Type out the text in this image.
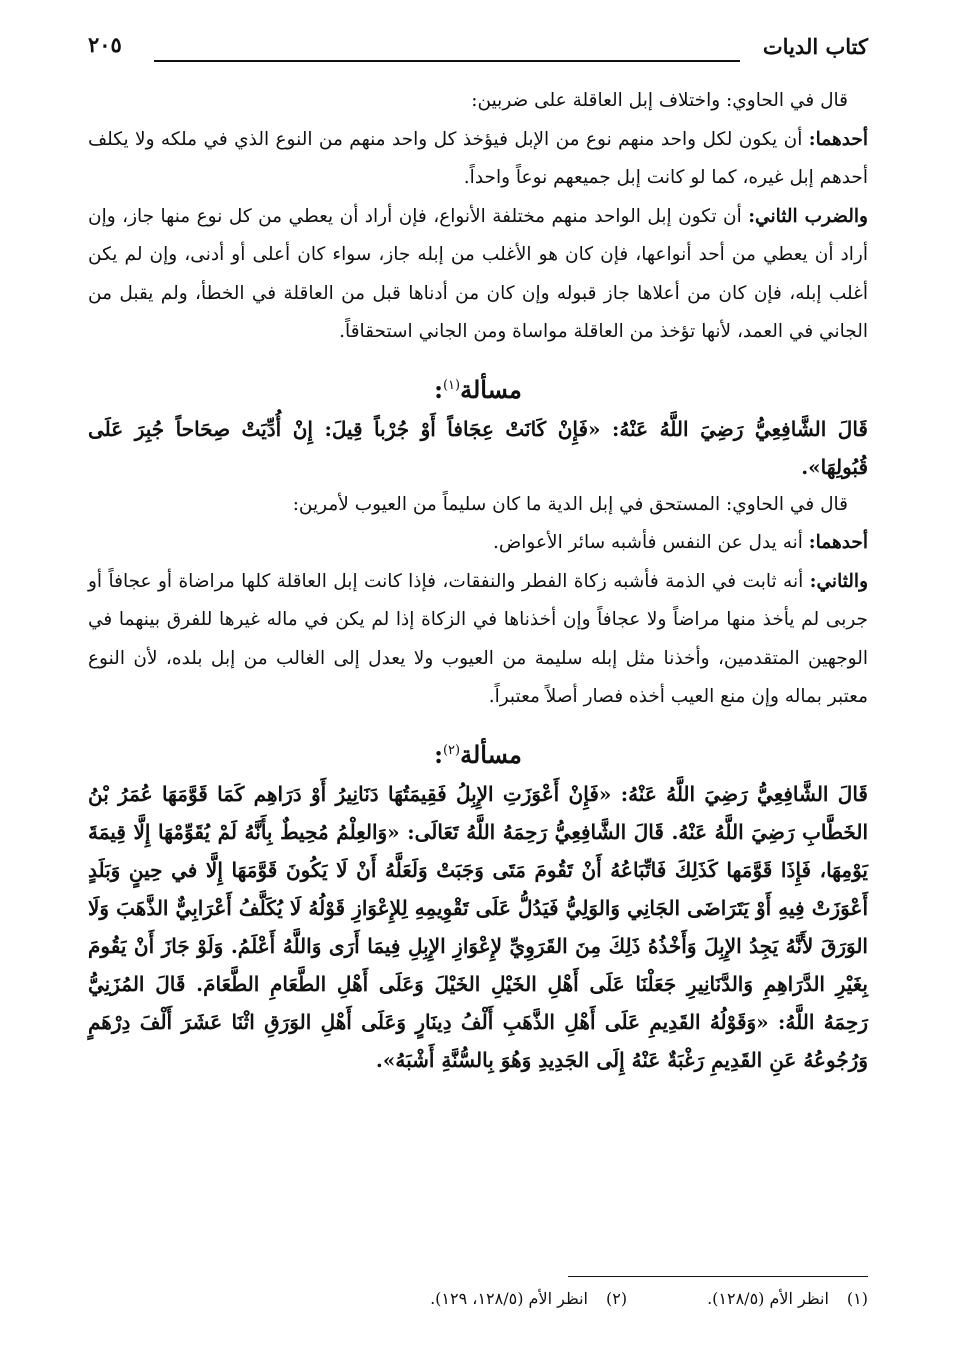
كتاب الديات
٢٠٥

قال في الحاوي: واختلاف إبل العاقلة على ضربين:

أحدهما: أن يكون لكل واحد منهم نوع من الإبل فيؤخذ كل واحد منهم من النوع الذي في ملكه ولا يكلف أحدهم إبل غيره، كما لو كانت إبل جميعهم نوعاً واحداً.

والضرب الثاني: أن تكون إبل الواحد منهم مختلفة الأنواع، فإن أراد أن يعطي من كل نوع منها جاز، وإن أراد أن يعطي من أحد أنواعها، فإن كان هو الأغلب من إبله جاز، سواء كان أعلى أو أدنى، وإن لم يكن أغلب إبله، فإن كان من أعلاها جاز قبوله وإن كان من أدناها قبل من العاقلة في الخطأ، ولم يقبل من الجاني في العمد، لأنها تؤخذ من العاقلة مواساة ومن الجاني استحقاقاً.

مسألة$^{(١)}$:

قَالَ الشَّافِعِيُّ رَضِيَ اللَّهُ عَنْهُ: «فَإِنْ كَانَتْ عِجَافاً أَوْ جُرْباً قِيلَ: إِنْ أُدِّيَتْ صِحَاحاً جُبِرَ عَلَى قُبُولِهَا».

قال في الحاوي: المستحق في إبل الدية ما كان سليماً من العيوب لأمرين:

أحدهما: أنه يدل عن النفس فأشبه سائر الأعواض.

والثاني: أنه ثابت في الذمة فأشبه زكاة الفطر والنفقات، فإذا كانت إبل العاقلة كلها مراضاة أو عجافاً أو جربى لم يأخذ منها مراضاً ولا عجافاً وإن أخذناها في الزكاة إذا لم يكن في ماله غيرها للفرق بينهما في الوجهين المتقدمين، وأخذنا مثل إبله سليمة من العيوب ولا يعدل إلى الغالب من إبل بلده، لأن النوع معتبر بماله وإن منع العيب أخذه فصار أصلاً معتبراً.

مسألة$^{(٢)}$:

قَالَ الشَّافِعِيُّ رَضِيَ اللَّهُ عَنْهُ: «فَإِنْ أَعْوَزَتِ الإِبِلُ فَقِيمَتُهَا دَنَانِيرُ أَوْ دَرَاهِم كَمَا قَوَّمَهَا عُمَرُ بْنُ الخَطَّابِ رَضِيَ اللَّهُ عَنْهُ. قَالَ الشَّافِعِيُّ رَحِمَهُ اللَّهُ تَعَالَى: «وَالعِلْمُ مُحِيطٌ بِأَنَّهُ لَمْ يُقَوِّمْهَا إِلَّا قِيمَةَ يَوْمِهَا، فَإِذَا قَوَّمَها كَذَلِكَ فَاتِّبَاعُهُ أَنْ تَقُومَ مَتَى وَجَبَتْ وَلَعَلَّهُ أَنْ لَا يَكُونَ قَوَّمَهَا إِلَّا في حِينٍ وَبَلَدٍ أَعْوَزَتْ فِيهِ أَوْ يَتَرَاضَى الجَانِي وَالوَلِيُّ فَيَدُلُّ عَلَى تَقْوِيمِهِ لِلإِعْوَازِ قَوْلُهُ لَا يُكَلَّفُ أَعْرَابِيٌّ الذَّهَبَ وَلَا الوَرَقَ لأَنَّهُ يَجِدُ الإِبِلَ وَأَخْذُهُ ذَلِكَ مِنَ القَرَوِيِّ لإِعْوَازِ الإِبِلِ فِيمَا أَرَى وَاللَّهُ أَعْلَمُ. وَلَوْ جَازَ أَنْ يَقُومَ بِغَيْرِ الدَّرَاهِمِ وَالدَّنَانِيرِ جَعَلْنَا عَلَى أَهْلِ الخَيْلِ الخَيْلَ وَعَلَى أَهْلِ الطَّعَامِ الطَّعَامَ. قَالَ المُزَنِيُّ رَحِمَهُ اللَّهُ: «وَقَوْلُهُ القَدِيمِ عَلَى أَهْلِ الذَّهَبِ أَلْفُ دِينَارٍ وَعَلَى أَهْلِ الوَرَقِ اثْنَا عَشَرَ أَلْفَ دِرْهَمٍ وَرُجُوعُهُ عَنِ القَدِيمِ رَغْبَةٌ عَنْهُ إِلَى الجَدِيدِ وَهُوَ بِالسُّنَّةِ أَشْبَهُ».

(١)انظر الأم (١٢٨/٥).
(٢)انظر الأم (١٢٨/٥، ١٢٩).
